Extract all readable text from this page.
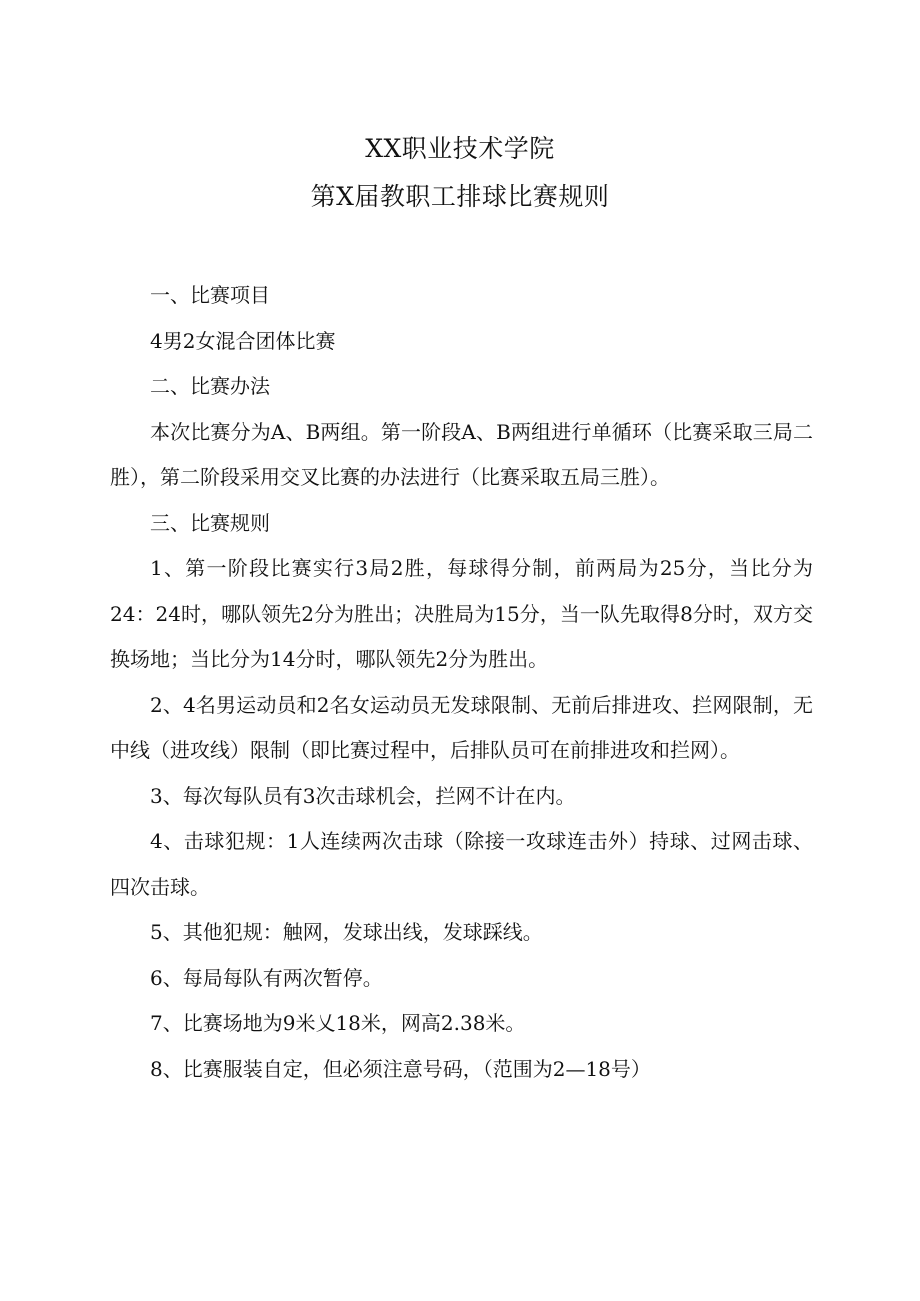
XX职业技术学院
第X届教职工排球比赛规则

一、比赛项目

4男2女混合团体比赛

二、比赛办法

本次比赛分为A、B两组。第一阶段A、B两组进行单循环（比赛采取三局二胜），第二阶段采用交叉比赛的办法进行（比赛采取五局三胜）。

三、比赛规则

1、第一阶段比赛实行3局2胜，每球得分制，前两局为25分，当比分为24：24时，哪队领先2分为胜出；决胜局为15分，当一队先取得8分时，双方交换场地；当比分为14分时，哪队领先2分为胜出。

2、4名男运动员和2名女运动员无发球限制、无前后排进攻、拦网限制，无中线（进攻线）限制（即比赛过程中，后排队员可在前排进攻和拦网）。

3、每次每队员有3次击球机会，拦网不计在内。

4、击球犯规：1人连续两次击球（除接一攻球连击外）持球、过网击球、四次击球。

5、其他犯规：触网，发球出线，发球踩线。

6、每局每队有两次暂停。

7、比赛场地为9米乂18米，网高2.38米。

8、比赛服装自定，但必须注意号码，（范围为2—18号）
